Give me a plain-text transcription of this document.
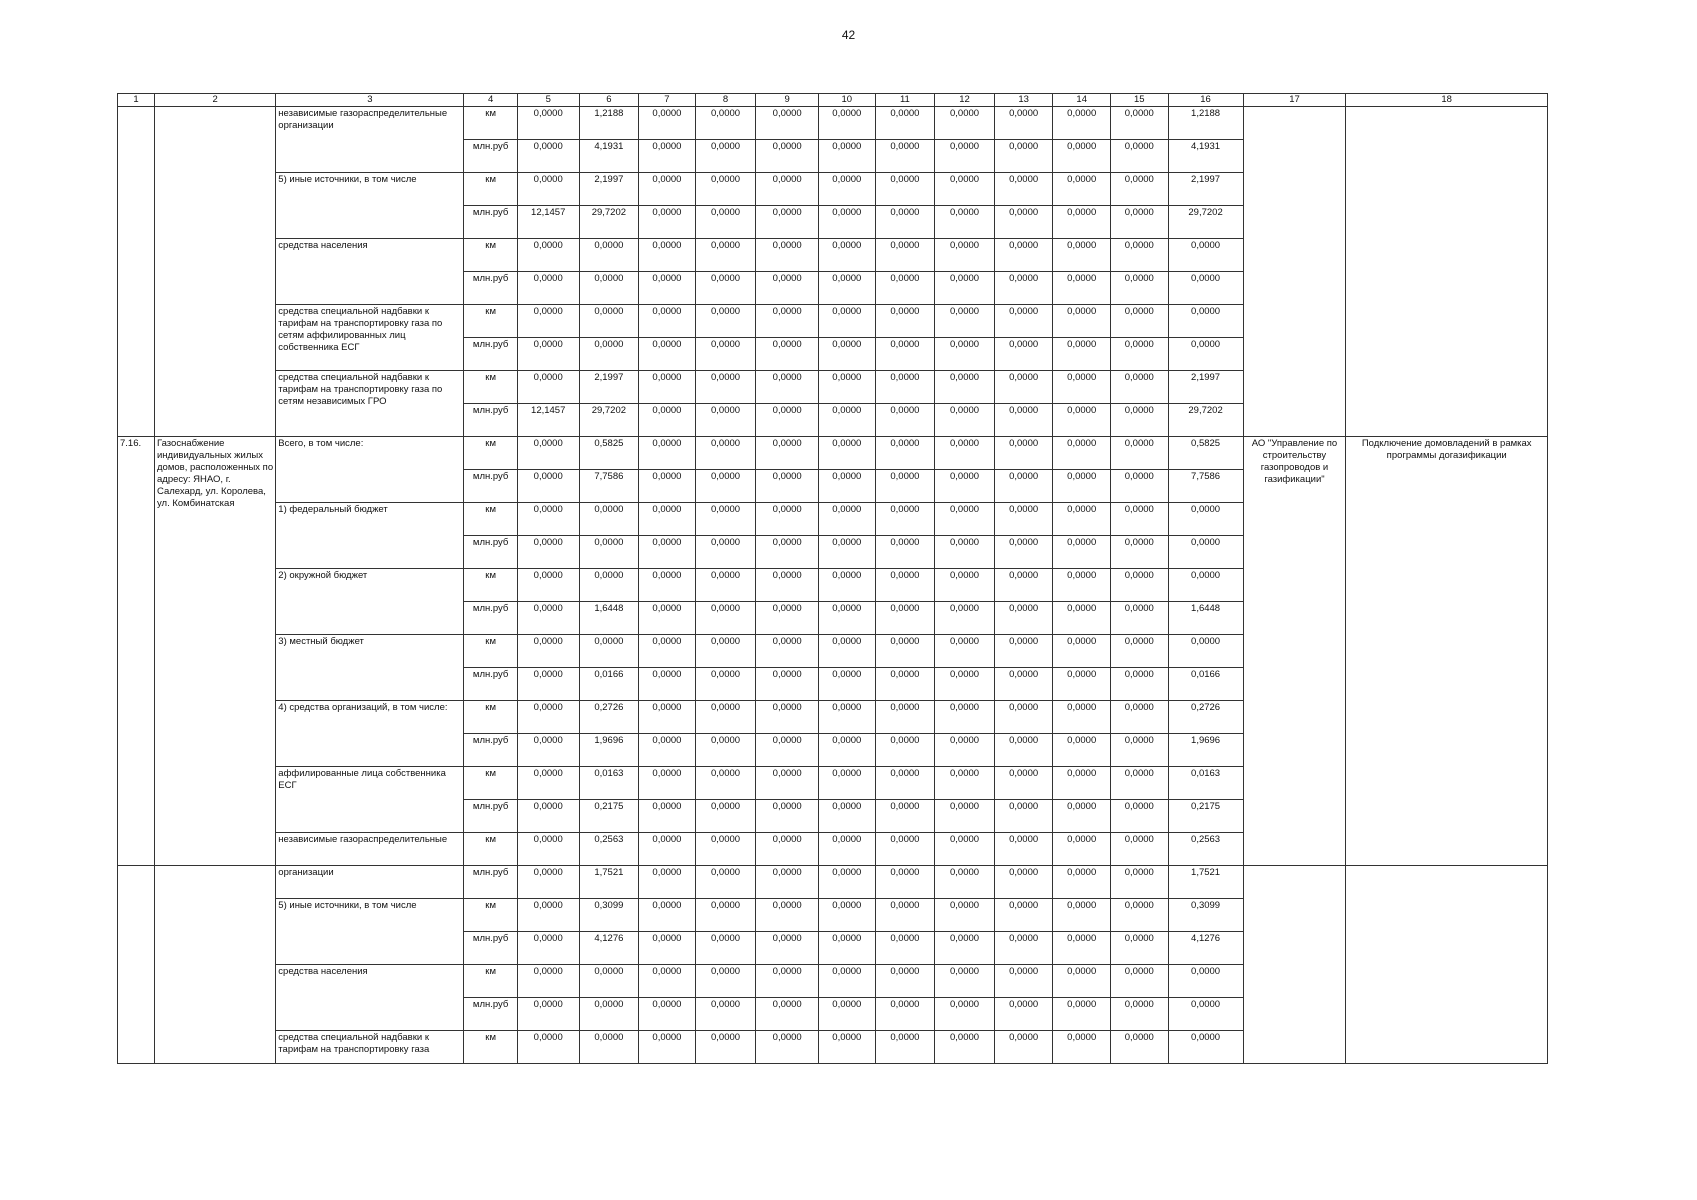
42
1	2	3	4	5	6	7	8	9	10	11	12	13	14	15	16	17	18
		независимые газораспределительные организации	км	0,0000	1,2188	0,0000	0,0000	0,0000	0,0000	0,0000	0,0000	0,0000	0,0000	0,0000	1,2188		
			млн.руб	0,0000	4,1931	0,0000	0,0000	0,0000	0,0000	0,0000	0,0000	0,0000	0,0000	0,0000	4,1931		
		5) иные источники, в том числе	км	0,0000	2,1997	0,0000	0,0000	0,0000	0,0000	0,0000	0,0000	0,0000	0,0000	0,0000	2,1997		
			млн.руб	12,1457	29,7202	0,0000	0,0000	0,0000	0,0000	0,0000	0,0000	0,0000	0,0000	0,0000	29,7202		
		средства населения	км	0,0000	0,0000	0,0000	0,0000	0,0000	0,0000	0,0000	0,0000	0,0000	0,0000	0,0000	0,0000		
			млн.руб	0,0000	0,0000	0,0000	0,0000	0,0000	0,0000	0,0000	0,0000	0,0000	0,0000	0,0000	0,0000		
		средства специальной надбавки к тарифам на транспортировку газа по сетям аффилированных лиц собственника ЕСГ	км	0,0000	0,0000	0,0000	0,0000	0,0000	0,0000	0,0000	0,0000	0,0000	0,0000	0,0000	0,0000		
			млн.руб	0,0000	0,0000	0,0000	0,0000	0,0000	0,0000	0,0000	0,0000	0,0000	0,0000	0,0000	0,0000		
		средства специальной надбавки к тарифам на транспортировку газа по сетям независимых ГРО	км	0,0000	2,1997	0,0000	0,0000	0,0000	0,0000	0,0000	0,0000	0,0000	0,0000	0,0000	2,1997		
			млн.руб	12,1457	29,7202	0,0000	0,0000	0,0000	0,0000	0,0000	0,0000	0,0000	0,0000	0,0000	29,7202		
7.16.	Газоснабжение индивидуальных жилых домов, расположенных по адресу: ЯНАО, г. Салехард, ул. Королева, ул. Комбинатская	Всего, в том числе:	км	0,0000	0,5825	0,0000	0,0000	0,0000	0,0000	0,0000	0,0000	0,0000	0,0000	0,0000	0,5825	АО "Управление по строительству газопроводов и газификации"	Подключение домовладений в рамках программы догазификации
			млн.руб	0,0000	7,7586	0,0000	0,0000	0,0000	0,0000	0,0000	0,0000	0,0000	0,0000	0,0000	7,7586		
		1) федеральный бюджет	км	0,0000	0,0000	0,0000	0,0000	0,0000	0,0000	0,0000	0,0000	0,0000	0,0000	0,0000	0,0000		
			млн.руб	0,0000	0,0000	0,0000	0,0000	0,0000	0,0000	0,0000	0,0000	0,0000	0,0000	0,0000	0,0000		
		2) окружной бюджет	км	0,0000	0,0000	0,0000	0,0000	0,0000	0,0000	0,0000	0,0000	0,0000	0,0000	0,0000	0,0000		
			млн.руб	0,0000	1,6448	0,0000	0,0000	0,0000	0,0000	0,0000	0,0000	0,0000	0,0000	0,0000	1,6448		
		3) местный бюджет	км	0,0000	0,0000	0,0000	0,0000	0,0000	0,0000	0,0000	0,0000	0,0000	0,0000	0,0000	0,0000		
			млн.руб	0,0000	0,0166	0,0000	0,0000	0,0000	0,0000	0,0000	0,0000	0,0000	0,0000	0,0000	0,0166		
		4) средства организаций, в том числе:	км	0,0000	0,2726	0,0000	0,0000	0,0000	0,0000	0,0000	0,0000	0,0000	0,0000	0,0000	0,2726		
			млн.руб	0,0000	1,9696	0,0000	0,0000	0,0000	0,0000	0,0000	0,0000	0,0000	0,0000	0,0000	1,9696		
		аффилированные лица собственника ЕСГ	км	0,0000	0,0163	0,0000	0,0000	0,0000	0,0000	0,0000	0,0000	0,0000	0,0000	0,0000	0,0163		
			млн.руб	0,0000	0,2175	0,0000	0,0000	0,0000	0,0000	0,0000	0,0000	0,0000	0,0000	0,0000	0,2175		
		независимые газораспределительные	км	0,0000	0,2563	0,0000	0,0000	0,0000	0,0000	0,0000	0,0000	0,0000	0,0000	0,0000	0,2563		
		организации	млн.руб	0,0000	1,7521	0,0000	0,0000	0,0000	0,0000	0,0000	0,0000	0,0000	0,0000	0,0000	1,7521		
		5) иные источники, в том числе	км	0,0000	0,3099	0,0000	0,0000	0,0000	0,0000	0,0000	0,0000	0,0000	0,0000	0,0000	0,3099		
			млн.руб	0,0000	4,1276	0,0000	0,0000	0,0000	0,0000	0,0000	0,0000	0,0000	0,0000	0,0000	4,1276		
		средства населения	км	0,0000	0,0000	0,0000	0,0000	0,0000	0,0000	0,0000	0,0000	0,0000	0,0000	0,0000	0,0000		
			млн.руб	0,0000	0,0000	0,0000	0,0000	0,0000	0,0000	0,0000	0,0000	0,0000	0,0000	0,0000	0,0000		
		средства специальной надбавки к тарифам на транспортировку газа	км	0,0000	0,0000	0,0000	0,0000	0,0000	0,0000	0,0000	0,0000	0,0000	0,0000	0,0000	0,0000		
